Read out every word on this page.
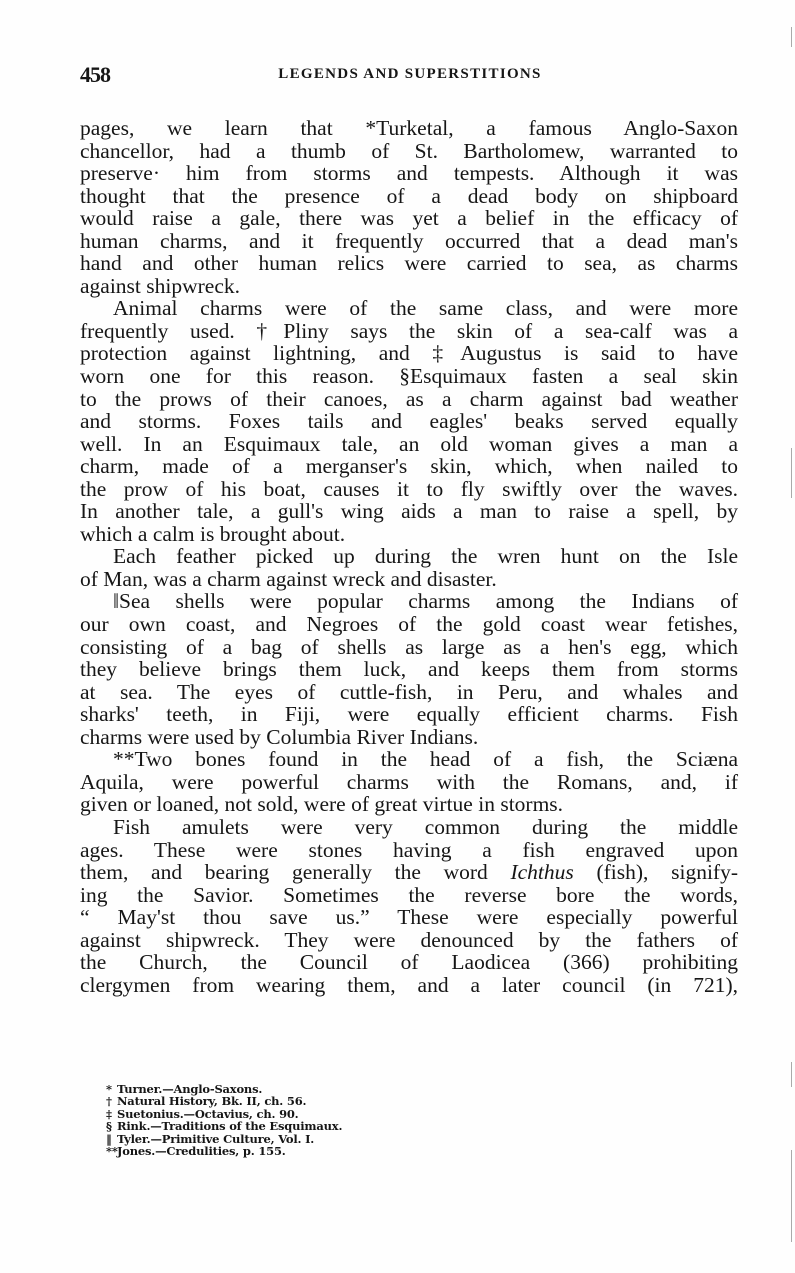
458	LEGENDS AND SUPERSTITIONS
pages, we learn that *Turketal, a famous Anglo-Saxon
chancellor, had a thumb of St. Bartholomew, warranted to
preserve· him from storms and tempests. Although it was
thought that the presence of a dead body on shipboard
would raise a gale, there was yet a belief in the efficacy of
human charms, and it frequently occurred that a dead man's
hand and other human relics were carried to sea, as charms
against shipwreck.
Animal charms were of the same class, and were more
frequently used. †Pliny says the skin of a sea-calf was a
protection against lightning, and ‡Augustus is said to have
worn one for this reason. §Esquimaux fasten a seal skin
to the prows of their canoes, as a charm against bad weather
and storms. Foxes tails and eagles' beaks served equally
well. In an Esquimaux tale, an old woman gives a man a
charm, made of a merganser's skin, which, when nailed to
the prow of his boat, causes it to fly swiftly over the waves.
In another tale, a gull's wing aids a man to raise a spell, by
which a calm is brought about.
Each feather picked up during the wren hunt on the Isle
of Man, was a charm against wreck and disaster.
‖Sea shells were popular charms among the Indians of
our own coast, and Negroes of the gold coast wear fetishes,
consisting of a bag of shells as large as a hen's egg, which
they believe brings them luck, and keeps them from storms
at sea. The eyes of cuttle-fish, in Peru, and whales and
sharks' teeth, in Fiji, were equally efficient charms. Fish
charms were used by Columbia River Indians.
**Two bones found in the head of a fish, the Sciæna
Aquila, were powerful charms with the Romans, and, if
given or loaned, not sold, were of great virtue in storms.
Fish amulets were very common during the middle
ages. These were stones having a fish engraved upon
them, and bearing generally the word Ichthus (fish), signify-
ing the Savior. Sometimes the reverse bore the words,
“ May'st thou save us.” These were especially powerful
against shipwreck. They were denounced by the fathers of
the Church, the Council of Laodicea (366) prohibiting
clergymen from wearing them, and a later council (in 721),
* Turner.—Anglo-Saxons.
† Natural History, Bk. II, ch. 56.
‡ Suetonius.—Octavius, ch. 90.
§ Rink.—Traditions of the Esquimaux.
‖ Tyler.—Primitive Culture, Vol. I.
**Jones.—Credulities, p. 155.
